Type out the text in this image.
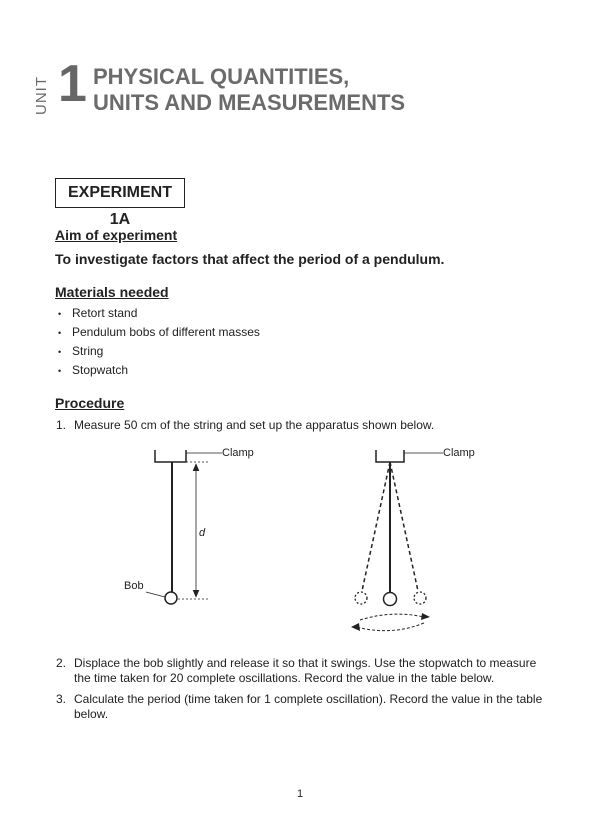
UNIT 1 PHYSICAL QUANTITIES,
UNITS AND MEASUREMENTS
EXPERIMENT 1A
Aim of experiment
To investigate factors that affect the period of a pendulum.
Materials needed
• Retort stand
• Pendulum bobs of different masses
• String
• Stopwatch
Procedure
1. Measure 50 cm of the string and set up the apparatus shown below.
Clamp
d
Bob
Clamp
2. Displace the bob slightly and release it so that it swings. Use the stopwatch to measure the time taken for 20 complete oscillations. Record the value in the table below.
3. Calculate the period (time taken for 1 complete oscillation). Record the value in the table below.
1
